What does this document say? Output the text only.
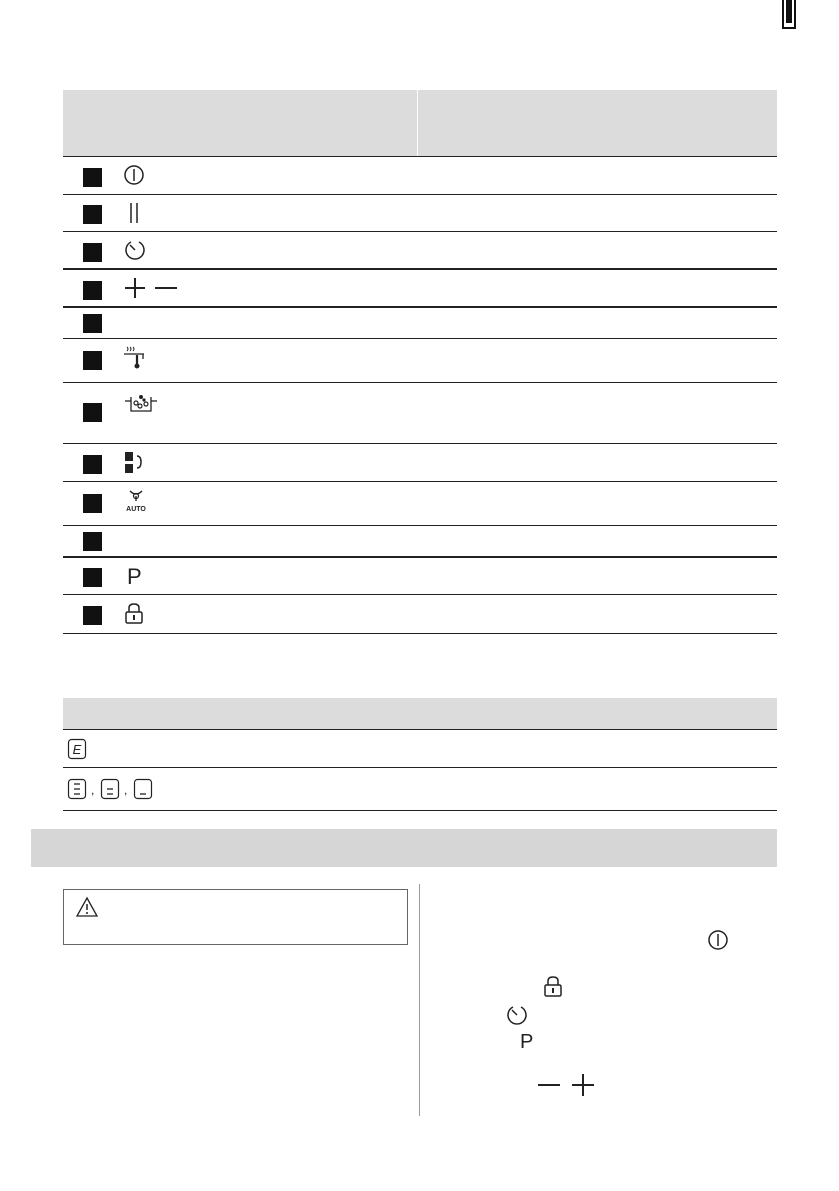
AUTO
P
E
, ,
P
